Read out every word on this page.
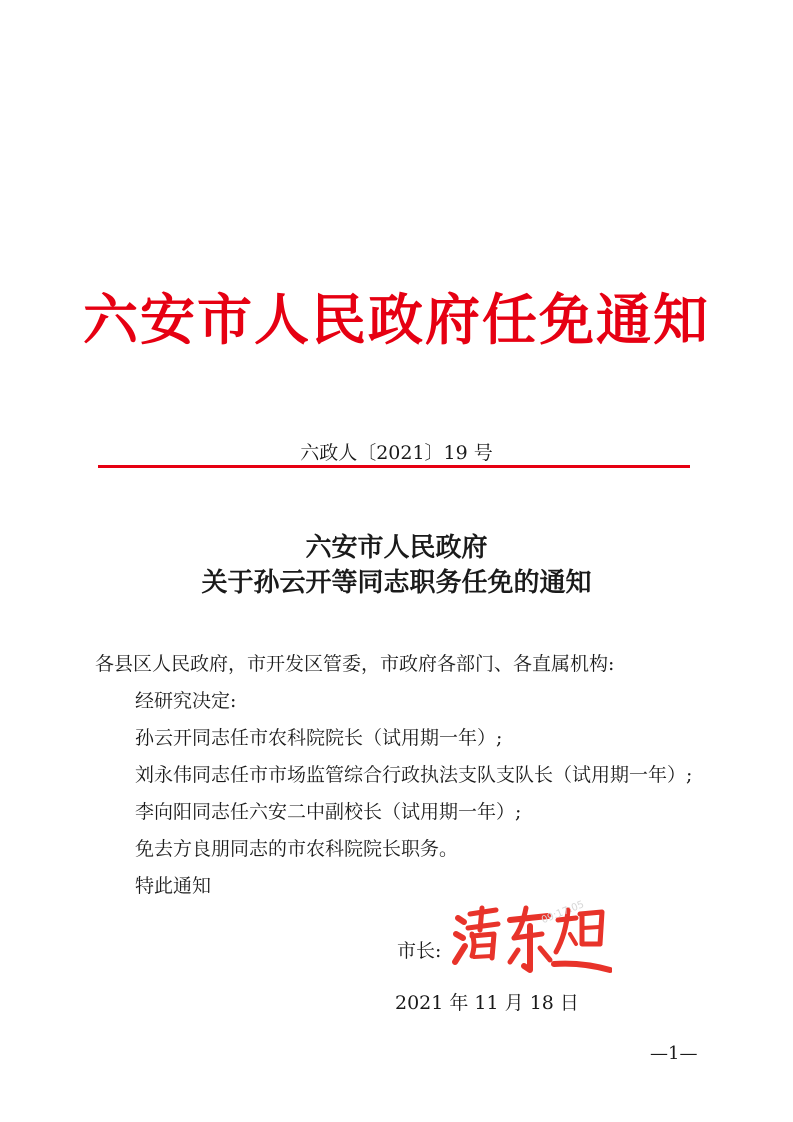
六安市人民政府任免通知
六政人〔2021〕19 号
六安市人民政府
关于孙云开等同志职务任免的通知
各县区人民政府，市开发区管委，市政府各部门、各直属机构:
经研究决定:
孙云开同志任市农科院院长（试用期一年）;
刘永伟同志任市市场监管综合行政执法支队支队长（试用期一年）;
李向阳同志任六安二中副校长（试用期一年）;
免去方良朋同志的市农科院院长职务。
特此通知
市长:
09:17:05
2021 年 11 月 18 日
—1—
